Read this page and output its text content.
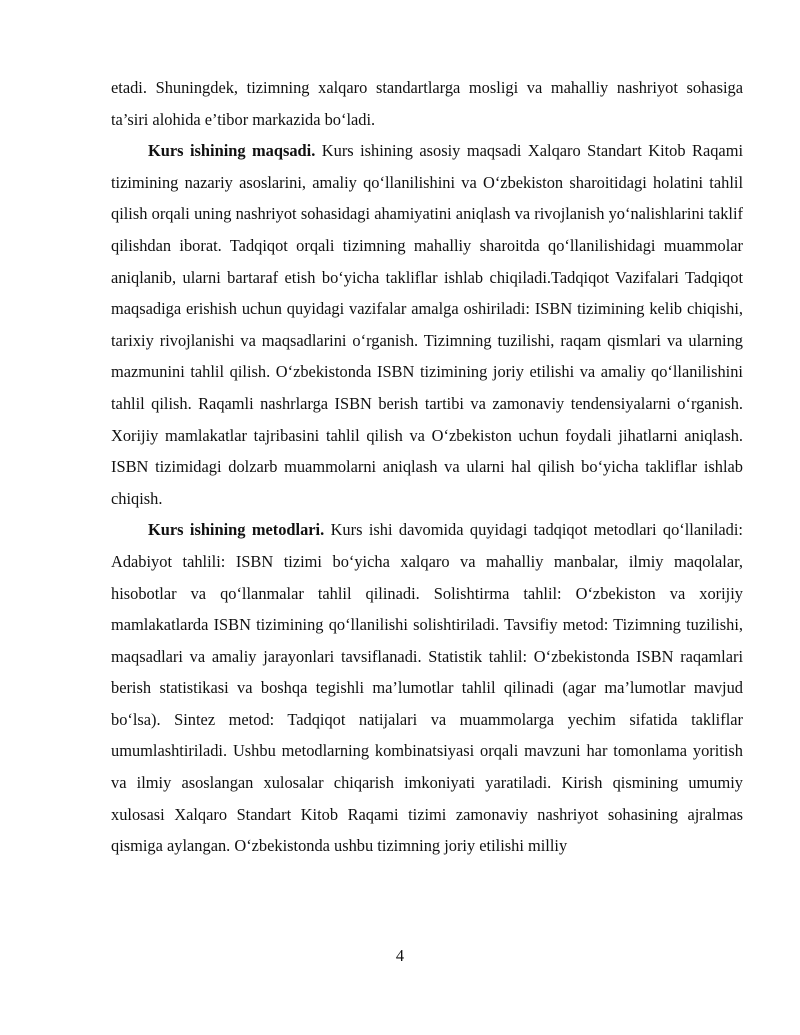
etadi. Shuningdek, tizimning xalqaro standartlarga mosligi va mahalliy nashriyot sohasiga ta’siri alohida e’tibor markazida bo‘ladi.

Kurs ishining maqsadi. Kurs ishining asosiy maqsadi Xalqaro Standart Kitob Raqami tizimining nazariy asoslarini, amaliy qo‘llanilishini va O‘zbekiston sharoitidagi holatini tahlil qilish orqali uning nashriyot sohasidagi ahamiyatini aniqlash va rivojlanish yo‘nalishlarini taklif qilishdan iborat. Tadqiqot orqali tizimning mahalliy sharoitda qo‘llanilishidagi muammolar aniqlanib, ularni bartaraf etish bo‘yicha takliflar ishlab chiqiladi.Tadqiqot Vazifalari Tadqiqot maqsadiga erishish uchun quyidagi vazifalar amalga oshiriladi: ISBN tizimining kelib chiqishi, tarixiy rivojlanishi va maqsadlarini o‘rganish. Tizimning tuzilishi, raqam qismlari va ularning mazmunini tahlil qilish. O‘zbekistonda ISBN tizimining joriy etilishi va amaliy qo‘llanilishini tahlil qilish. Raqamli nashrlarga ISBN berish tartibi va zamonaviy tendensiyalarni o‘rganish. Xorijiy mamlakatlar tajribasini tahlil qilish va O‘zbekiston uchun foydali jihatlarni aniqlash. ISBN tizimidagi dolzarb muammolarni aniqlash va ularni hal qilish bo‘yicha takliflar ishlab chiqish.

Kurs ishining metodlari. Kurs ishi davomida quyidagi tadqiqot metodlari qo‘llaniladi: Adabiyot tahlili: ISBN tizimi bo‘yicha xalqaro va mahalliy manbalar, ilmiy maqolalar, hisobotlar va qo‘llanmalar tahlil qilinadi. Solishtirma tahlil: O‘zbekiston va xorijiy mamlakatlarda ISBN tizimining qo‘llanilishi solishtiriladi. Tavsifiy metod: Tizimning tuzilishi, maqsadlari va amaliy jarayonlari tavsiflanadi. Statistik tahlil: O‘zbekistonda ISBN raqamlari berish statistikasi va boshqa tegishli ma’lumotlar tahlil qilinadi (agar ma’lumotlar mavjud bo‘lsa). Sintez metod: Tadqiqot natijalari va muammolarga yechim sifatida takliflar umumlashtiriladi. Ushbu metodlarning kombinatsiyasi orqali mavzuni har tomonlama yoritish va ilmiy asoslangan xulosalar chiqarish imkoniyati yaratiladi. Kirish qismining umumiy xulosasi Xalqaro Standart Kitob Raqami tizimi zamonaviy nashriyot sohasining ajralmas qismiga aylangan. O‘zbekistonda ushbu tizimning joriy etilishi milliy

4
